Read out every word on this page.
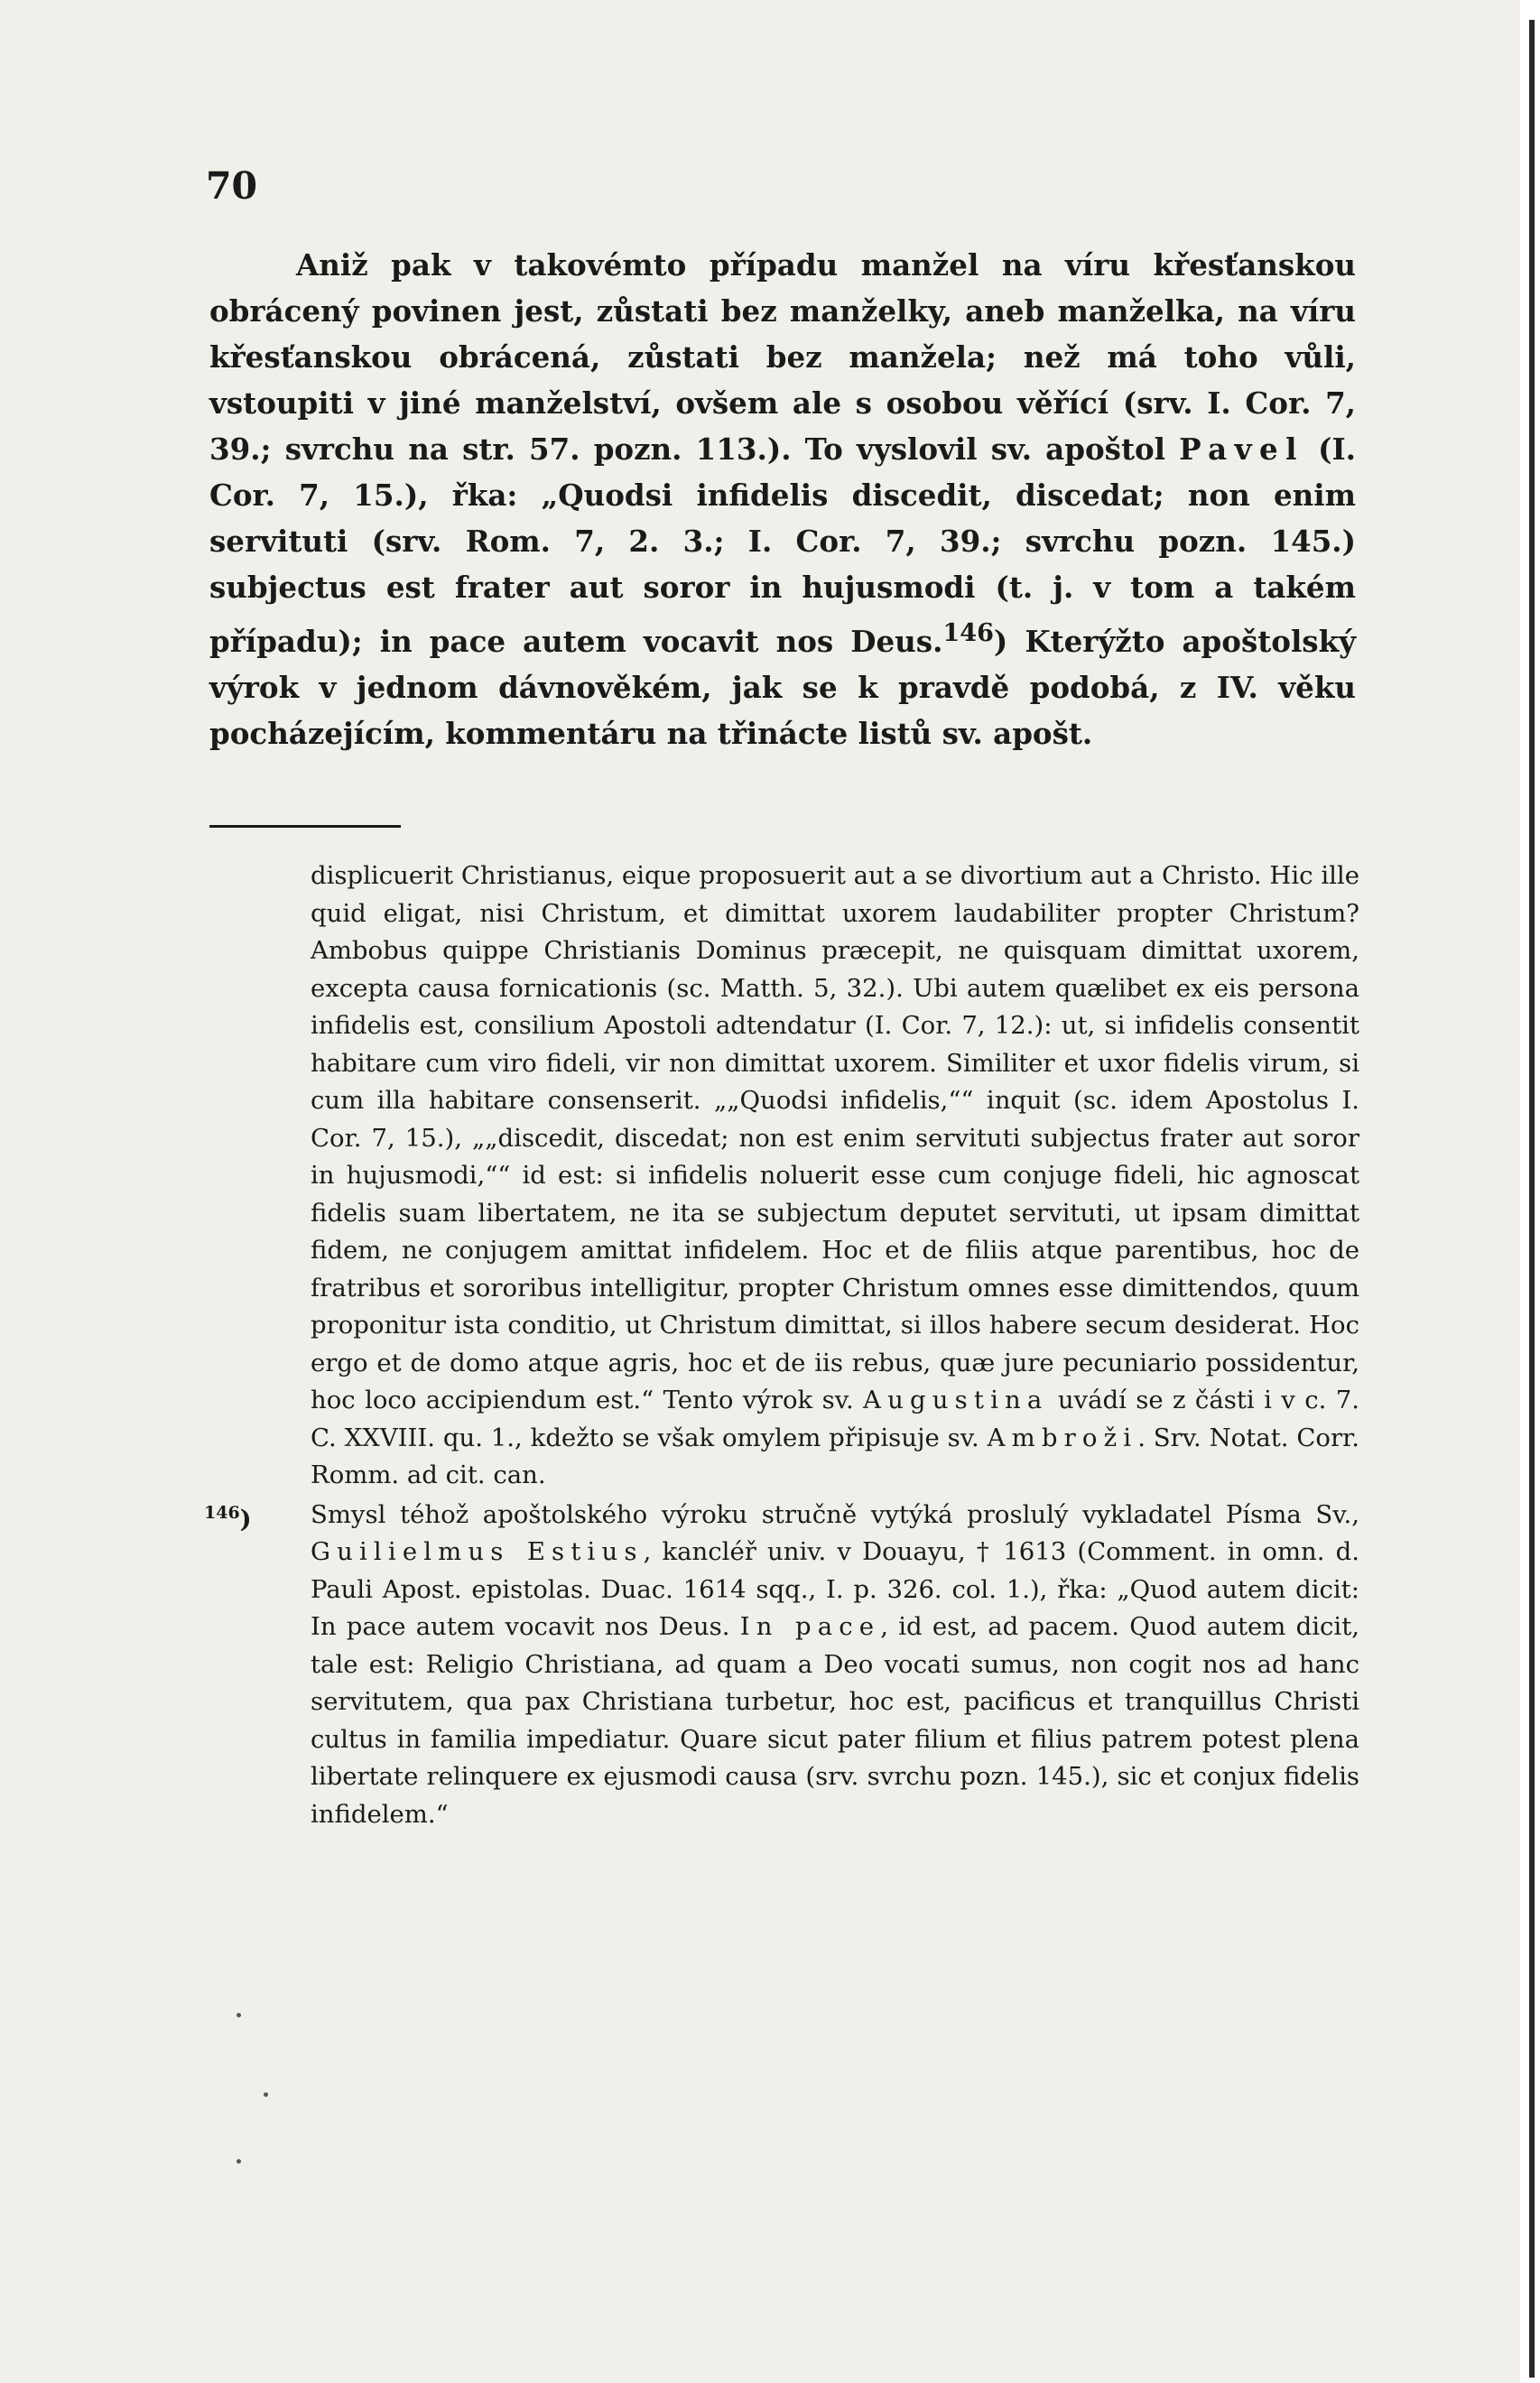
70

Aniž pak v takovémto případu manžel na víru křesťanskou obrácený povinen jest, zůstati bez manželky, aneb manželka, na víru křesťanskou obrácená, zůstati bez manžela; než má toho vůli, vstoupiti v jiné manželství, ovšem ale s osobou věřící (srv. I. Cor. 7, 39.; svrchu na str. 57. pozn. 113.). To vyslovil sv. apoštol Pavel (I. Cor. 7, 15.), řka: „Quodsi infidelis discedit, discedat; non enim servituti (srv. Rom. 7, 2. 3.; I. Cor. 7, 39.; svrchu pozn. 145.) subjectus est frater aut soror in hujusmodi (t. j. v tom a takém případu); in pace autem vocavit nos Deus.$^{146}$) Kterýžto apoštolský výrok v jednom dávnověkém, jak se k pravdě podobá, z IV. věku pocházejícím, kommentáru na třinácte listů sv. apošt.

displicuerit Christianus, eique proposuerit aut a se divortium aut a Christo. Hic ille quid eligat, nisi Christum, et dimittat uxorem laudabiliter propter Christum? Ambobus quippe Christianis Dominus præcepit, ne quisquam dimittat uxorem, excepta causa fornicationis (sc. Matth. 5, 32.). Ubi autem quælibet ex eis persona infidelis est, consilium Apostoli adtendatur (I. Cor. 7, 12.): ut, si infidelis consentit habitare cum viro fideli, vir non dimittat uxorem. Similiter et uxor fidelis virum, si cum illa habitare consenserit. „„Quodsi infidelis,““ inquit (sc. idem Apostolus I. Cor. 7, 15.), „„discedit, discedat; non est enim servituti subjectus frater aut soror in hujusmodi,““ id est: si infidelis noluerit esse cum conjuge fideli, hic agnoscat fidelis suam libertatem, ne ita se subjectum deputet servituti, ut ipsam dimittat fidem, ne conjugem amittat infidelem. Hoc et de filiis atque parentibus, hoc de fratribus et sororibus intelligitur, propter Christum omnes esse dimittendos, quum proponitur ista conditio, ut Christum dimittat, si illos habere secum desiderat. Hoc ergo et de domo atque agris, hoc et de iis rebus, quæ jure pecuniario possidentur, hoc loco accipiendum est.“ Tento výrok sv. Augustina uvádí se z části i v c. 7. C. XXVIII. qu. 1., kdežto se však omylem připisuje sv. Ambroži. Srv. Notat. Corr. Romm. ad cit. can.

$^{146}$) Smysl téhož apoštolského výroku stručně vytýká proslulý vykladatel Písma Sv., Guilielmus Estius, kancléř univ. v Douayu, † 1613 (Comment. in omn. d. Pauli Apost. epistolas. Duac. 1614 sqq., I. p. 326. col. 1.), řka: „Quod autem dicit: In pace autem vocavit nos Deus. In pace, id est, ad pacem. Quod autem dicit, tale est: Religio Christiana, ad quam a Deo vocati sumus, non cogit nos ad hanc servitutem, qua pax Christiana turbetur, hoc est, pacificus et tranquillus Christi cultus in familia impediatur. Quare sicut pater filium et filius patrem potest plena libertate relinquere ex ejusmodi causa (srv. svrchu pozn. 145.), sic et conjux fidelis infidelem.“
